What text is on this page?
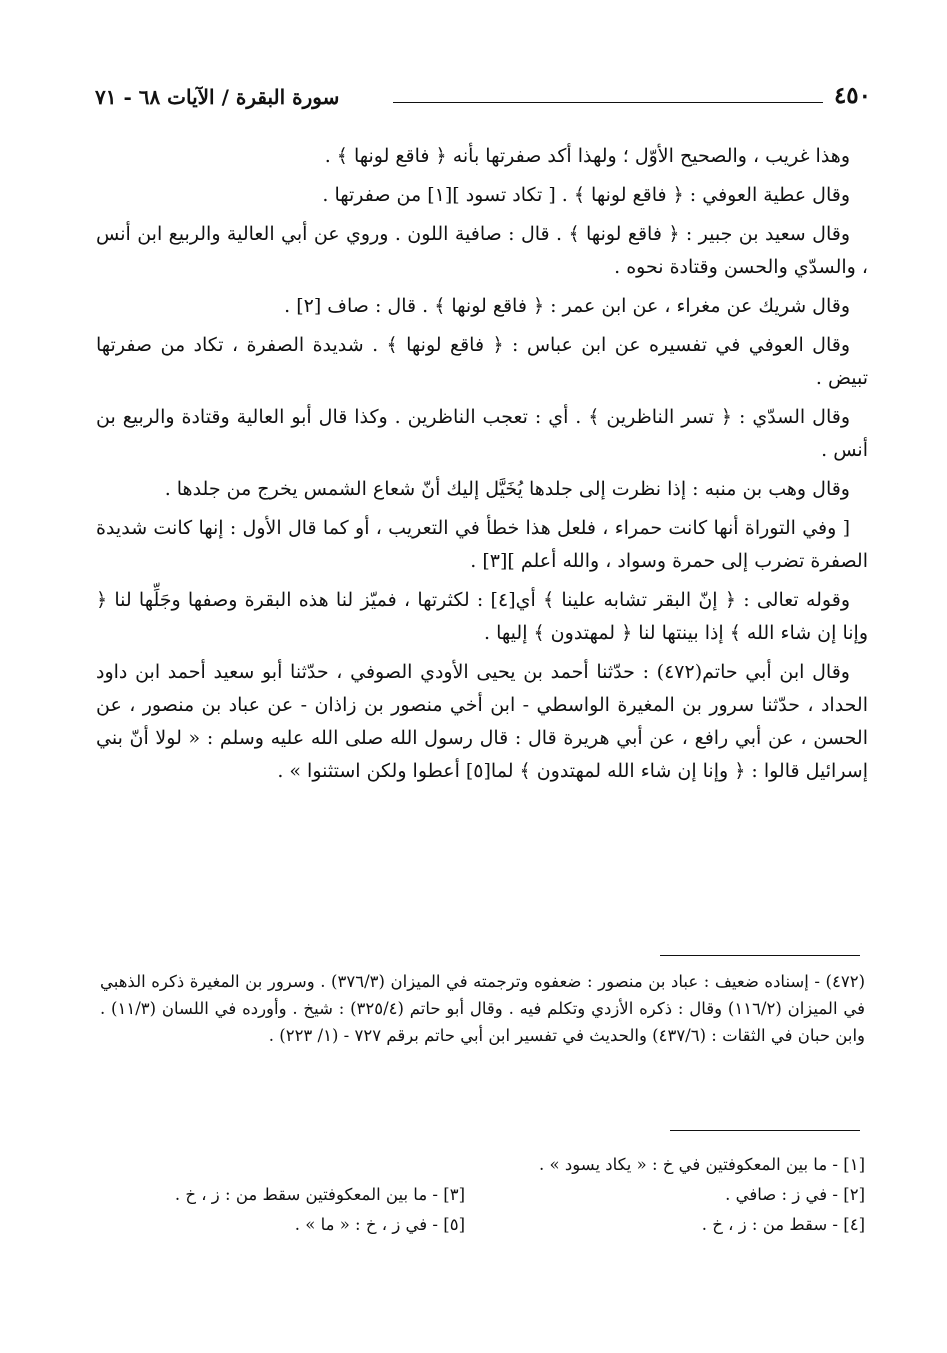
٤٥٠
سورة البقرة / الآيات ٦٨ - ٧١

وهذا غريب ، والصحيح الأوّل ؛ ولهذا أكد صفرتها بأنه ﴿ فاقع لونها ﴾ .

وقال عطية العوفي : ﴿ فاقع لونها ﴾ . [ تكاد تسود ][١] من صفرتها .

وقال سعيد بن جبير : ﴿ فاقع لونها ﴾ . قال : صافية اللون . وروي عن أبي العالية والربيع ابن أنس ، والسدّي والحسن وقتادة نحوه .

وقال شريك عن مغراء ، عن ابن عمر : ﴿ فاقع لونها ﴾ . قال : صاف [٢] .

وقال العوفي في تفسيره عن ابن عباس : ﴿ فاقع لونها ﴾ . شديدة الصفرة ، تكاد من صفرتها تبيض .

وقال السدّي : ﴿ تسر الناظرين ﴾ . أي : تعجب الناظرين . وكذا قال أبو العالية وقتادة والربيع بن أنس .

وقال وهب بن منبه : إذا نظرت إلى جلدها يُخَيَّل إليك أنّ شعاع الشمس يخرج من جلدها .

[ وفي التوراة أنها كانت حمراء ، فلعل هذا خطأ في التعريب ، أو كما قال الأول : إنها كانت شديدة الصفرة تضرب إلى حمرة وسواد ، والله أعلم ][٣] .

وقوله تعالى : ﴿ إنّ البقر تشابه علينا ﴾ أي[٤] : لكثرتها ، فميّز لنا هذه البقرة وصفها وجَلِّها لنا ﴿ وإنا إن شاء الله ﴾ إذا بينتها لنا ﴿ لمهتدون ﴾ إليها .

وقال ابن أبي حاتم(٤٧٢) : حدّثنا أحمد بن يحيى الأودي الصوفي ، حدّثنا أبو سعيد أحمد ابن داود الحداد ، حدّثنا سرور بن المغيرة الواسطي - ابن أخي منصور بن زاذان - عن عباد بن منصور ، عن الحسن ، عن أبي رافع ، عن أبي هريرة قال : قال رسول الله صلى الله عليه وسلم : « لولا أنّ بني إسرائيل قالوا : ﴿ وإنا إن شاء الله لمهتدون ﴾ لما[٥] أعطوا ولكن استثنوا » .

(٤٧٢) - إسناده ضعيف : عباد بن منصور : ضعفوه وترجمته في الميزان (٣٧٦/٣) . وسرور بن المغيرة ذكره الذهبي في الميزان (١١٦/٢) وقال : ذكره الأزدي وتكلم فيه . وقال أبو حاتم (٣٢٥/٤) : شيخ . وأورده في اللسان (١١/٣) . وابن حبان في الثقات : (٤٣٧/٦) والحديث في تفسير ابن أبي حاتم برقم ٧٢٧ - (١/ ٢٢٣) .
[١] - ما بين المعكوفتين في خ : « يكاد يسود » .
[٢] - في ز : صافي .
[٣] - ما بين المعكوفتين سقط من : ز ، خ .
[٤] - سقط من : ز ، خ .
[٥] - في ز ، خ : « ما » .
